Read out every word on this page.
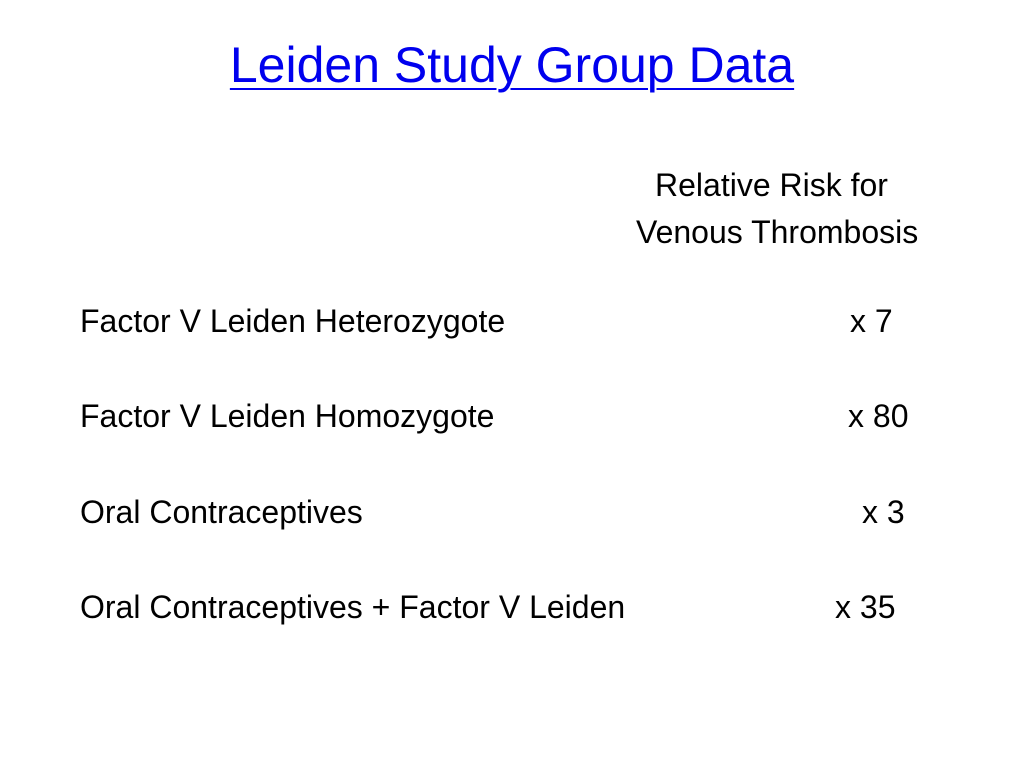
Leiden Study Group Data
Relative Risk for
Venous Thrombosis
Factor V Leiden Heterozygote	x 7
Factor V Leiden Homozygote	x 80
Oral Contraceptives	x 3
Oral Contraceptives + Factor V Leiden	x 35
